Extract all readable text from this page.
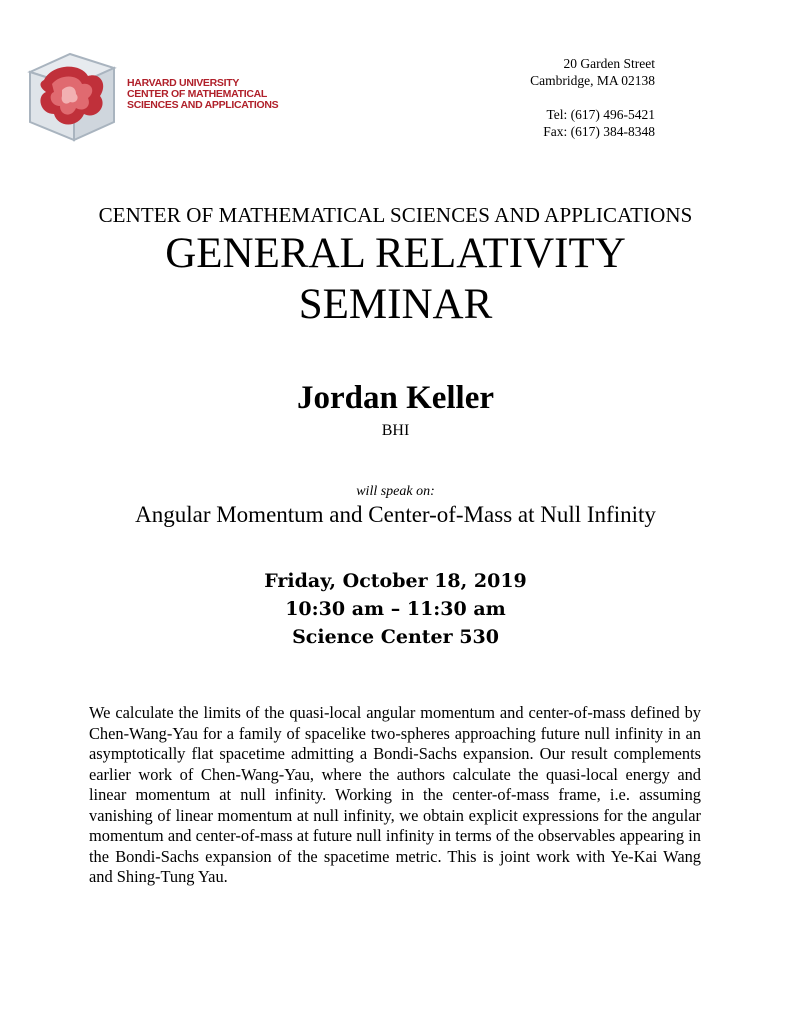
HARVARD UNIVERSITY
CENTER OF MATHEMATICAL
SCIENCES AND APPLICATIONS
20 Garden Street
Cambridge, MA 02138
Tel: (617) 496-5421
Fax: (617) 384-8348
CENTER OF MATHEMATICAL SCIENCES AND APPLICATIONS
GENERAL RELATIVITY
SEMINAR
Jordan Keller
BHI
will speak on:
Angular Momentum and Center-of-Mass at Null Infinity
Friday, October 18, 2019
10:30 am – 11:30 am
Science Center 530
We calculate the limits of the quasi-local angular momentum and center-of-mass defined by Chen-Wang-Yau for a family of spacelike two-spheres approaching future null infinity in an asymptotically flat spacetime admitting a Bondi-Sachs expansion. Our result complements earlier work of Chen-Wang-Yau, where the authors calculate the quasi-local energy and linear momentum at null infinity. Working in the center-of-mass frame, i.e. assuming vanishing of linear momentum at null infinity, we obtain explicit expressions for the angular momentum and center-of-mass at future null infinity in terms of the observables appearing in the Bondi-Sachs expansion of the spacetime metric. This is joint work with Ye-Kai Wang and Shing-Tung Yau.
